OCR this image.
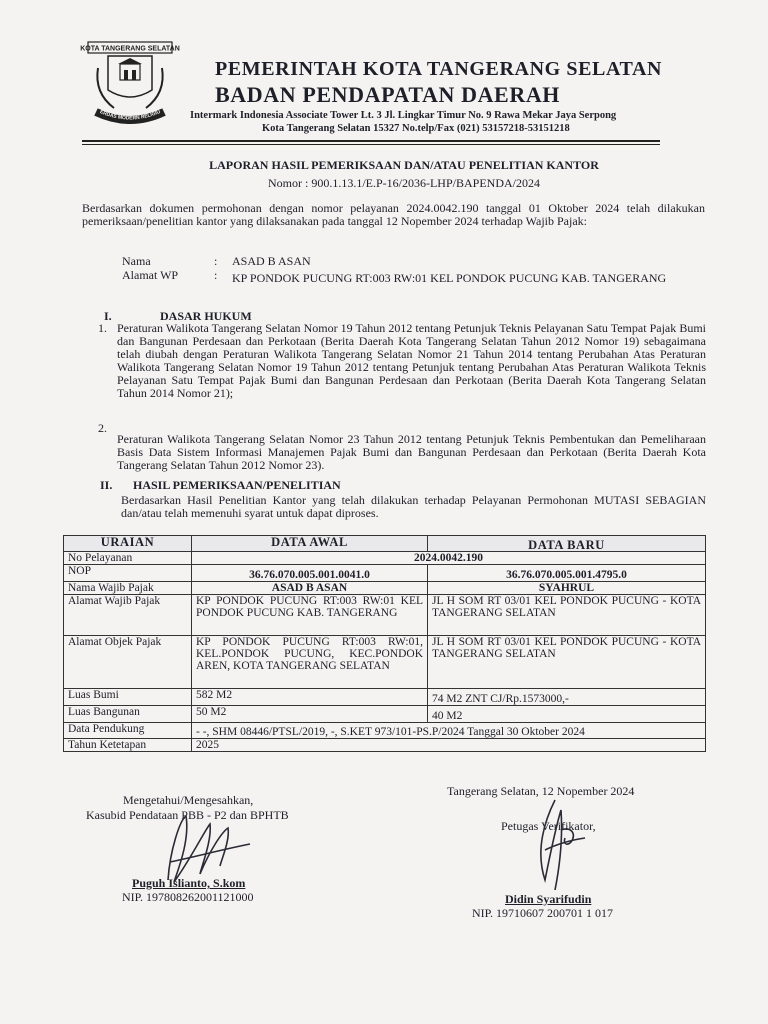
KOTA TANGERANG SELATAN
ERDAS MODERN RELIGIU
PEMERINTAH KOTA TANGERANG SELATAN
BADAN PENDAPATAN DAERAH
Intermark Indonesia Associate Tower Lt. 3 Jl. Lingkar Timur No. 9 Rawa Mekar Jaya Serpong
Kota Tangerang Selatan 15327 No.telp/Fax (021) 53157218-53151218
LAPORAN HASIL PEMERIKSAAN DAN/ATAU PENELITIAN KANTOR
Nomor : 900.1.13.1/E.P-16/2036-LHP/BAPENDA/2024
Berdasarkan dokumen permohonan dengan nomor pelayanan 2024.0042.190 tanggal 01 Oktober 2024 telah dilakukan pemeriksaan/penelitian kantor yang dilaksanakan pada tanggal 12 Nopember 2024 terhadap Wajib Pajak:
Nama	: ASAD B ASAN
Alamat WP	: KP PONDOK PUCUNG RT:003 RW:01 KEL PONDOK PUCUNG KAB. TANGERANG
I.	DASAR HUKUM
1. Peraturan Walikota Tangerang Selatan Nomor 19 Tahun 2012 tentang Petunjuk Teknis Pelayanan Satu Tempat Pajak Bumi dan Bangunan Perdesaan dan Perkotaan (Berita Daerah Kota Tangerang Selatan Tahun 2012 Nomor 19) sebagaimana telah diubah dengan Peraturan Walikota Tangerang Selatan Nomor 21 Tahun 2014 tentang Perubahan Atas Peraturan Walikota Tangerang Selatan Nomor 19 Tahun 2012 tentang Petunjuk tentang Perubahan Atas Peraturan Walikota Teknis Pelayanan Satu Tempat Pajak Bumi dan Bangunan Perdesaan dan Perkotaan (Berita Daerah Kota Tangerang Selatan Tahun 2014 Nomor 21);
2.
Peraturan Walikota Tangerang Selatan Nomor 23 Tahun 2012 tentang Petunjuk Teknis Pembentukan dan Pemeliharaan Basis Data Sistem Informasi Manajemen Pajak Bumi dan Bangunan Perdesaan dan Perkotaan (Berita Daerah Kota Tangerang Selatan Tahun 2012 Nomor 23).
II. HASIL PEMERIKSAAN/PENELITIAN
Berdasarkan Hasil Penelitian Kantor yang telah dilakukan terhadap Pelayanan Permohonan MUTASI SEBAGIAN dan/atau telah memenuhi syarat untuk dapat diproses.
URAIAN	DATA AWAL	DATA BARU
No Pelayanan	2024.0042.190	
NOP	36.76.070.005.001.0041.0	36.76.070.005.001.4795.0
Nama Wajib Pajak	ASAD B ASAN	SYAHRUL
Alamat Wajib Pajak	KP PONDOK PUCUNG RT:003 RW:01 KEL PONDOK PUCUNG KAB. TANGERANG	JL H SOM RT 03/01 KEL PONDOK PUCUNG - KOTA TANGERANG SELATAN
Alamat Objek Pajak	KP PONDOK PUCUNG RT:003 RW:01, KEL.PONDOK PUCUNG, KEC.PONDOK AREN, KOTA TANGERANG SELATAN	JL H SOM RT 03/01 KEL PONDOK PUCUNG - KOTA TANGERANG SELATAN
Luas Bumi	582 M2	74 M2 ZNT CJ/Rp.1573000,-
Luas Bangunan	50 M2	40 M2
Data Pendukung	- -, SHM 08446/PTSL/2019, -, S.KET 973/101-PS.P/2024 Tanggal 30 Oktober 2024	
Tahun Ketetapan	2025	
Mengetahui/Mengesahkan,
Kasubid Pendataan PBB - P2 dan BPHTB
Puguh Islianto, S.kom
NIP. 197808262001121000
Tangerang Selatan, 12 Nopember 2024
Petugas Verifikator,
Didin Syarifudin
NIP. 19710607 200701 1 017
